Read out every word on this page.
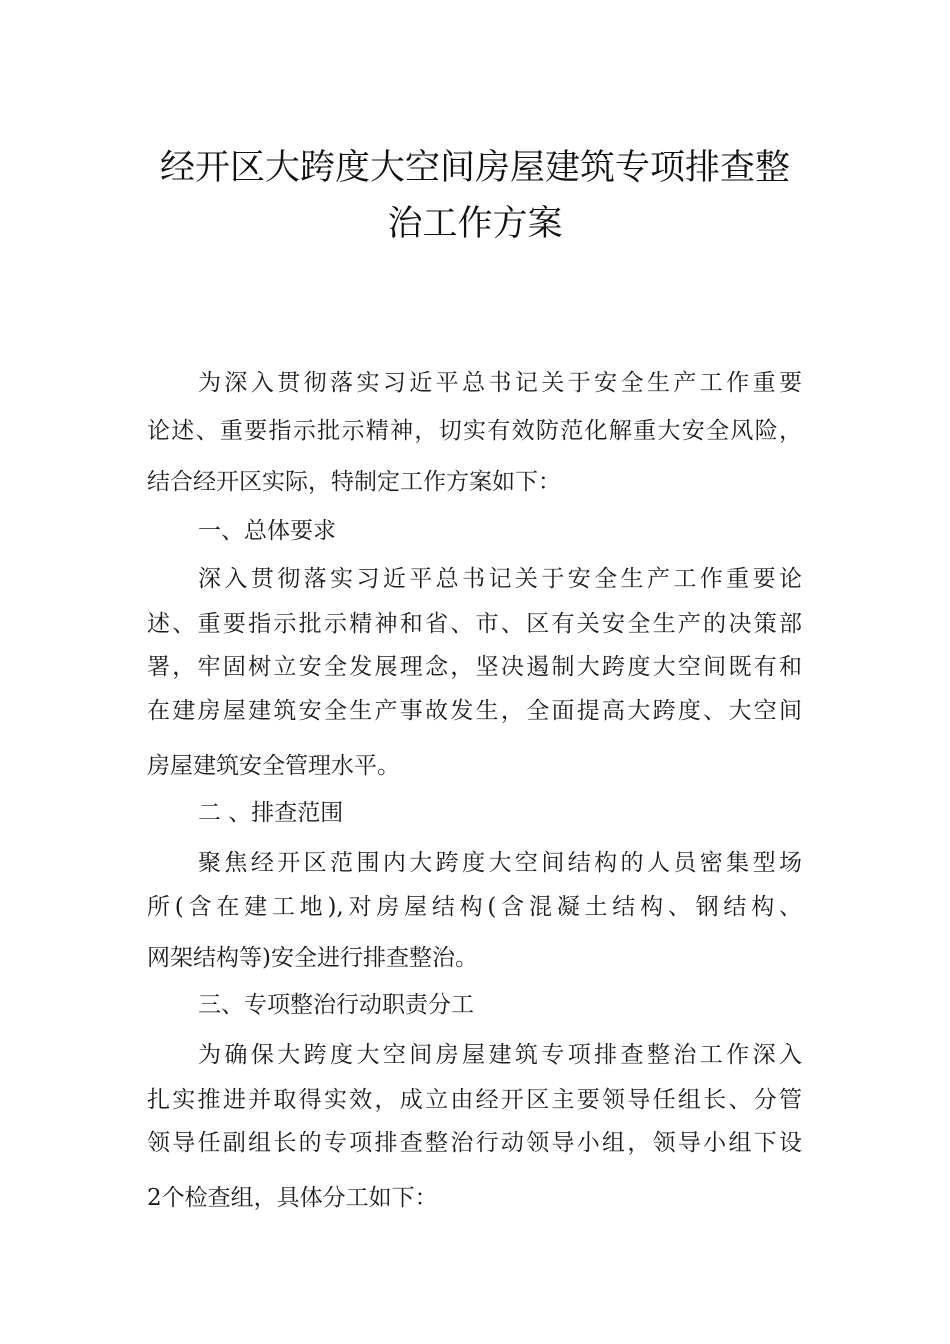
经开区大跨度大空间房屋建筑专项排查整
治工作方案
为深入贯彻落实习近平总书记关于安全生产工作重要
论述、重要指示批示精神，切实有效防范化解重大安全风险，
结合经开区实际，特制定工作方案如下：
一、总体要求
深入贯彻落实习近平总书记关于安全生产工作重要论
述、重要指示批示精神和省、市、区有关安全生产的决策部
署，牢固树立安全发展理念，坚决遏制大跨度大空间既有和
在建房屋建筑安全生产事故发生，全面提高大跨度、大空间
房屋建筑安全管理水平。
二 、排查范围
聚焦经开区范围内大跨度大空间结构的人员密集型场
所(含在建工地),对房屋结构(含混凝土结构、钢结构、
网架结构等)安全进行排查整治。
三、专项整治行动职责分工
为确保大跨度大空间房屋建筑专项排查整治工作深入
扎实推进并取得实效，成立由经开区主要领导任组长、分管
领导任副组长的专项排查整治行动领导小组，领导小组下设
2个检查组，具体分工如下：
